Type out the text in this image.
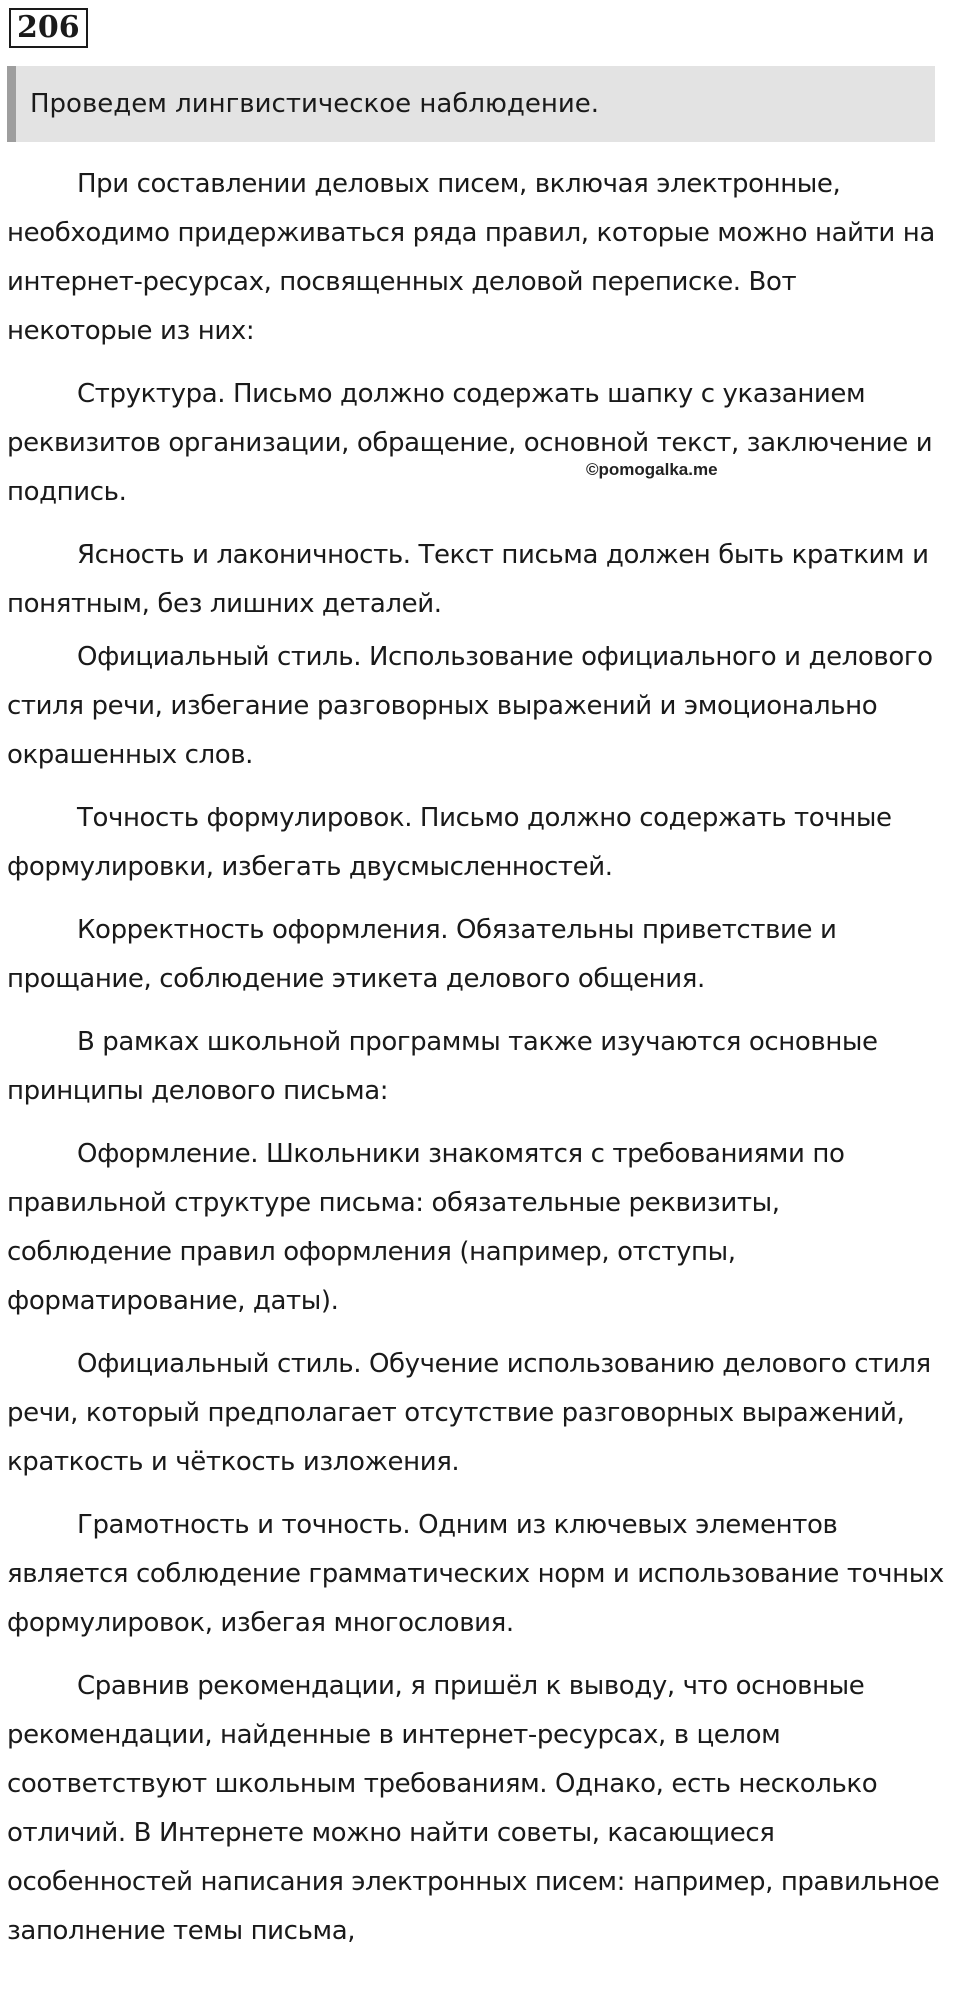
206
Проведем лингвистическое наблюдение.

При составлении деловых писем, включая электронные, необходимо придерживаться ряда правил, которые можно найти на интернет-ресурсах, посвященных деловой переписке. Вот некоторые из них:

Структура. Письмо должно содержать шапку с указанием реквизитов организации, обращение, основной текст, заключение и подпись.

Ясность и лаконичность. Текст письма должен быть кратким и понятным, без лишних деталей.

Официальный стиль. Использование официального и делового стиля речи, избегание разговорных выражений и эмоционально окрашенных слов.

Точность формулировок. Письмо должно содержать точные формулировки, избегать двусмысленностей.

Корректность оформления. Обязательны приветствие и прощание, соблюдение этикета делового общения.

В рамках школьной программы также изучаются основные принципы делового письма:

Оформление. Школьники знакомятся с требованиями по правильной структуре письма: обязательные реквизиты, соблюдение правил оформления (например, отступы, форматирование, даты).

Официальный стиль. Обучение использованию делового стиля речи, который предполагает отсутствие разговорных выражений, краткость и чёткость изложения.

Грамотность и точность. Одним из ключевых элементов является соблюдение грамматических норм и использование точных формулировок, избегая многословия.

Сравнив рекомендации, я пришёл к выводу, что основные рекомендации, найденные в интернет-ресурсах, в целом соответствуют школьным требованиям. Однако, есть несколько отличий. В Интернете можно найти советы, касающиеся особенностей написания электронных писем: например, правильное заполнение темы письма,

©pomogalka.me
